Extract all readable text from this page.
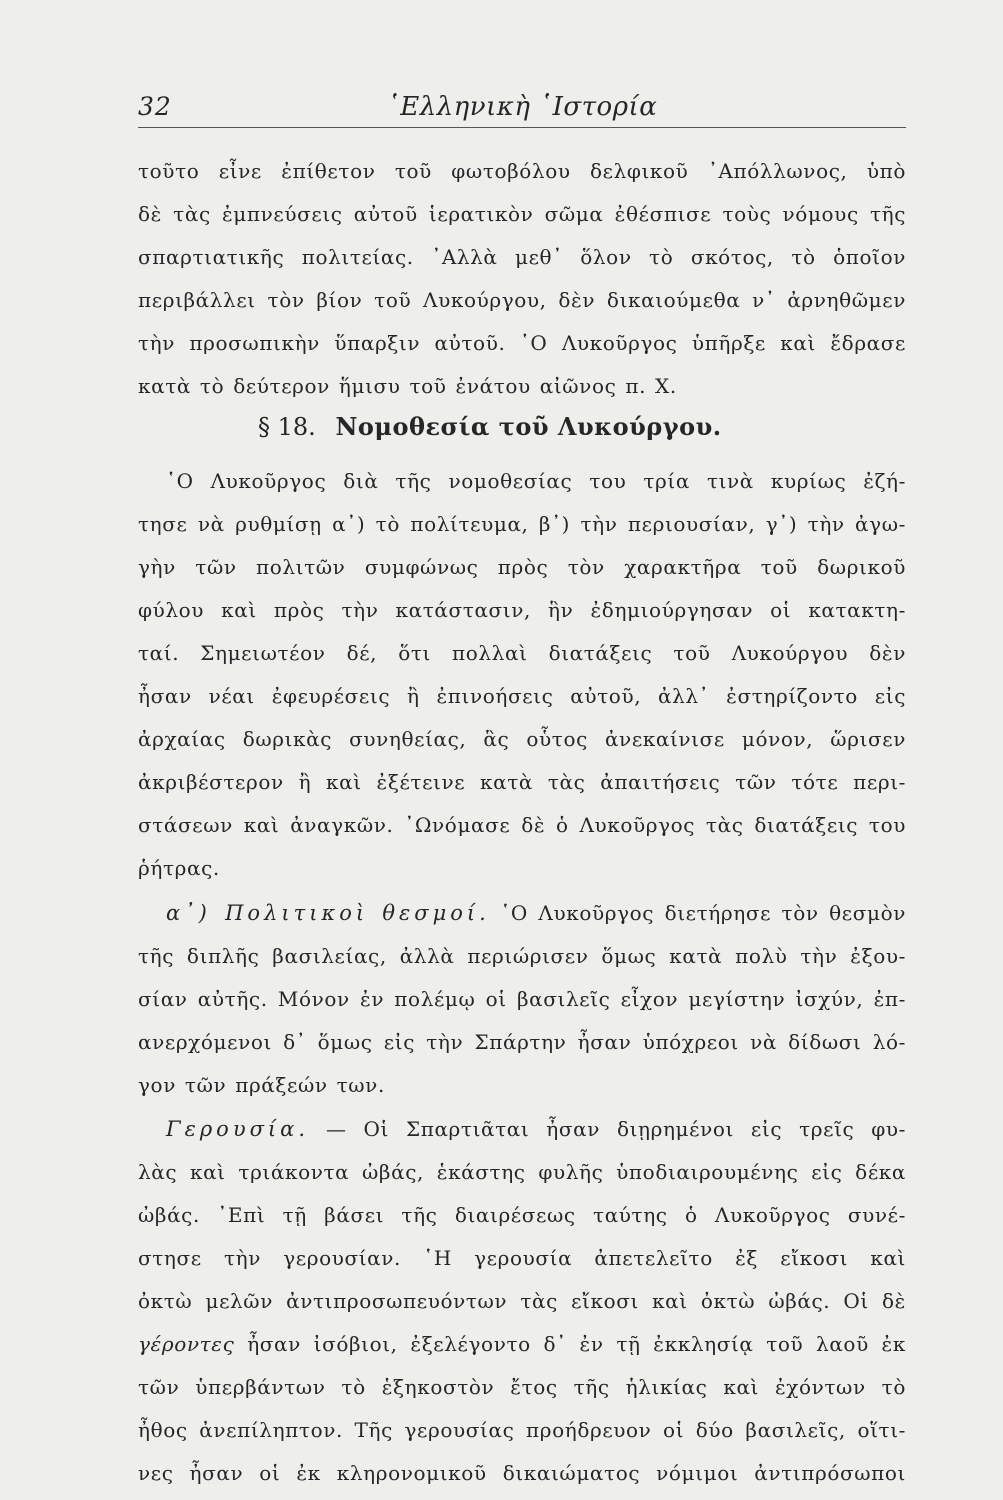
32	῾Ελληνικὴ ῾Ιστορία
τοῦτο εἶνε ἐπίθετον τοῦ φωτοβόλου δελφικοῦ ᾿Απόλλωνος, ὑπὸ
δὲ τὰς ἐμπνεύσεις αὐτοῦ ἱερατικὸν σῶμα ἐθέσπισε τοὺς νόμους τῆς
σπαρτιατικῆς πολιτείας. ᾿Αλλὰ μεθ᾿ ὅλον τὸ σκότος, τὸ ὁποῖον
περιβάλλει τὸν βίον τοῦ Λυκούργου, δὲν δικαιούμεθα ν᾿ ἀρνηθῶμεν
τὴν προσωπικὴν ὕπαρξιν αὐτοῦ. ῾Ο Λυκοῦργος ὑπῆρξε καὶ ἔδρασε
κατὰ τὸ δεύτερον ἥμισυ τοῦ ἐνάτου αἰῶνος π. Χ.
§ 18. Νομοθεσία τοῦ Λυκούργου.
῾Ο Λυκοῦργος διὰ τῆς νομοθεσίας του τρία τινὰ κυρίως ἐζή-
τησε νὰ ρυθμίσῃ α᾿) τὸ πολίτευμα, β᾿) τὴν περιουσίαν, γ᾿) τὴν ἀγω-
γὴν τῶν πολιτῶν συμφώνως πρὸς τὸν χαρακτῆρα τοῦ δωρικοῦ
φύλου καὶ πρὸς τὴν κατάστασιν, ἣν ἐδημιούργησαν οἱ κατακτη-
ταί. Σημειωτέον δέ, ὅτι πολλαὶ διατάξεις τοῦ Λυκούργου δὲν
ἦσαν νέαι ἐφευρέσεις ἢ ἐπινοήσεις αὐτοῦ, ἀλλ᾿ ἐστηρίζοντο εἰς
ἀρχαίας δωρικὰς συνηθείας, ἃς οὗτος ἀνεκαίνισε μόνον, ὥρισεν
ἀκριβέστερον ἢ καὶ ἐξέτεινε κατὰ τὰς ἀπαιτήσεις τῶν τότε περι-
στάσεων καὶ ἀναγκῶν. ᾿Ωνόμασε δὲ ὁ Λυκοῦργος τὰς διατάξεις του
ῥήτρας.
α᾿) Πολιτικοὶ θεσμοί. ῾Ο Λυκοῦργος διετήρησε τὸν θεσμὸν
τῆς διπλῆς βασιλείας, ἀλλὰ περιώρισεν ὅμως κατὰ πολὺ τὴν ἐξου-
σίαν αὐτῆς. Μόνον ἐν πολέμῳ οἱ βασιλεῖς εἶχον μεγίστην ἰσχύν, ἐπ-
ανερχόμενοι δ᾿ ὅμως εἰς τὴν Σπάρτην ἦσαν ὑπόχρεοι νὰ δίδωσι λό-
γον τῶν πράξεών των.
Γερουσία. — Οἱ Σπαρτιᾶται ἦσαν διῃρημένοι εἰς τρεῖς φυ-
λὰς καὶ τριάκοντα ὠβάς, ἑκάστης φυλῆς ὑποδιαιρουμένης εἰς δέκα
ὠβάς. ᾿Επὶ τῇ βάσει τῆς διαιρέσεως ταύτης ὁ Λυκοῦργος συνέ-
στησε τὴν γερουσίαν. ῾Η γερουσία ἀπετελεῖτο ἐξ εἴκοσι καὶ
ὀκτὼ μελῶν ἀντιπροσωπευόντων τὰς εἴκοσι καὶ ὀκτὼ ὠβάς. Οἱ δὲ
γέροντες ἦσαν ἰσόβιοι, ἐξελέγοντο δ᾿ ἐν τῇ ἐκκλησίᾳ τοῦ λαοῦ ἐκ
τῶν ὑπερβάντων τὸ ἑξηκοστὸν ἔτος τῆς ἡλικίας καὶ ἐχόντων τὸ
ἦθος ἀνεπίληπτον. Τῆς γερουσίας προήδρευον οἱ δύο βασιλεῖς, οἵτι-
νες ἦσαν οἱ ἐκ κληρονομικοῦ δικαιώματος νόμιμοι ἀντιπρόσωποι
